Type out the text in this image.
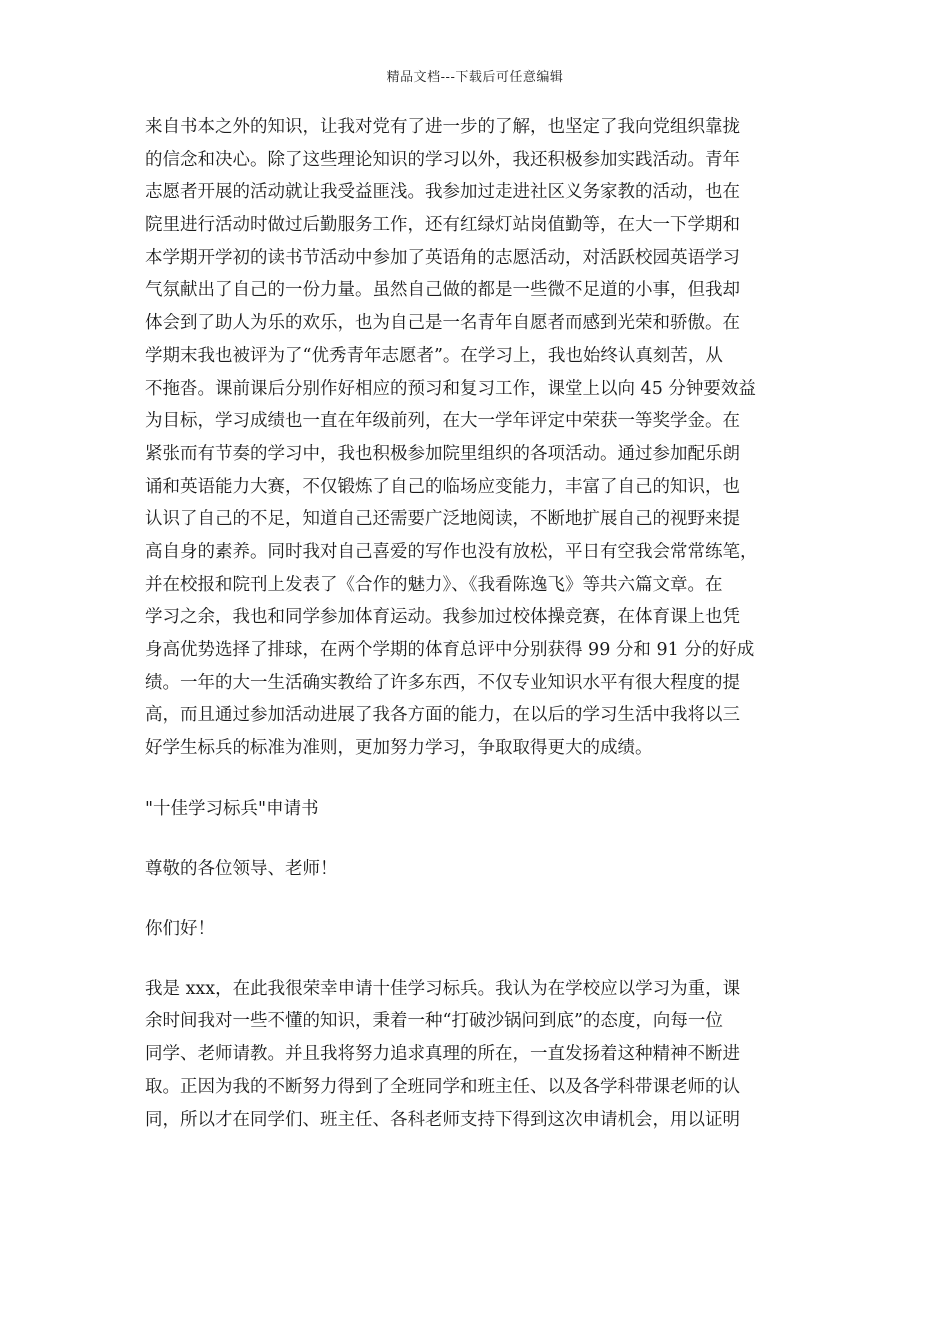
精品文档---下载后可任意编辑
来自书本之外的知识，让我对党有了进一步的了解，也坚定了我向党组织靠拢
的信念和决心。除了这些理论知识的学习以外，我还积极参加实践活动。青年
志愿者开展的活动就让我受益匪浅。我参加过走进社区义务家教的活动，也在
院里进行活动时做过后勤服务工作，还有红绿灯站岗值勤等，在大一下学期和
本学期开学初的读书节活动中参加了英语角的志愿活动，对活跃校园英语学习
气氛献出了自己的一份力量。虽然自己做的都是一些微不足道的小事，但我却
体会到了助人为乐的欢乐，也为自己是一名青年自愿者而感到光荣和骄傲。在
学期末我也被评为了“优秀青年志愿者”。在学习上，我也始终认真刻苦，从
不拖沓。课前课后分别作好相应的预习和复习工作，课堂上以向 45 分钟要效益
为目标，学习成绩也一直在年级前列，在大一学年评定中荣获一等奖学金。在
紧张而有节奏的学习中，我也积极参加院里组织的各项活动。通过参加配乐朗
诵和英语能力大赛，不仅锻炼了自己的临场应变能力，丰富了自己的知识，也
认识了自己的不足，知道自己还需要广泛地阅读，不断地扩展自己的视野来提
高自身的素养。同时我对自己喜爱的写作也没有放松，平日有空我会常常练笔，
并在校报和院刊上发表了《合作的魅力》、《我看陈逸飞》等共六篇文章。在
学习之余，我也和同学参加体育运动。我参加过校体操竞赛，在体育课上也凭
身高优势选择了排球，在两个学期的体育总评中分别获得 99 分和 91 分的好成
绩。一年的大一生活确实教给了许多东西，不仅专业知识水平有很大程度的提
高，而且通过参加活动进展了我各方面的能力，在以后的学习生活中我将以三
好学生标兵的标准为准则，更加努力学习，争取取得更大的成绩。
"十佳学习标兵"申请书
尊敬的各位领导、老师！
你们好！
我是 xxx，在此我很荣幸申请十佳学习标兵。我认为在学校应以学习为重，课
余时间我对一些不懂的知识，秉着一种“打破沙锅问到底”的态度，向每一位
同学、老师请教。并且我将努力追求真理的所在，一直发扬着这种精神不断进
取。正因为我的不断努力得到了全班同学和班主任、以及各学科带课老师的认
同，所以才在同学们、班主任、各科老师支持下得到这次申请机会，用以证明
